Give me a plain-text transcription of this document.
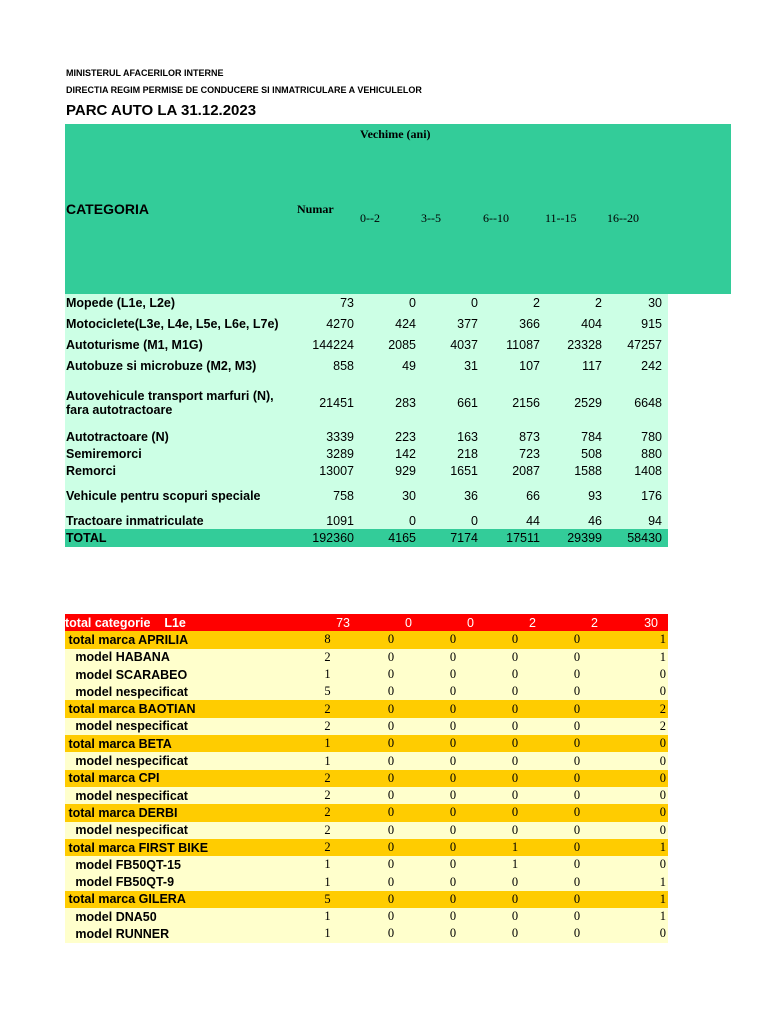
MINISTERUL AFACERILOR INTERNE
DIRECTIA REGIM PERMISE DE CONDUCERE SI INMATRICULARE A VEHICULELOR
PARC AUTO LA 31.12.2023
Vechime (ani)
CATEGORIA	Numar
0--2	3--5	6--10	11--15	16--20
Mopede (L1e, L2e)	73	0	0	2	2	30
Motociclete(L3e, L4e, L5e, L6e, L7e)	4270	424	377	366	404	915
Autoturisme (M1, M1G)	144224	2085	4037	11087	23328	47257
Autobuze si microbuze (M2, M3)	858	49	31	107	117	242
Autovehicule transport marfuri (N), fara autotractoare	21451	283	661	2156	2529	6648
Autotractoare (N)	3339	223	163	873	784	780
Semiremorci	3289	142	218	723	508	880
Remorci	13007	929	1651	2087	1588	1408
Vehicule pentru scopuri speciale	758	30	36	66	93	176
Tractoare inmatriculate	1091	0	0	44	46	94
TOTAL	192360	4165	7174	17511	29399	58430
total categorie    L1e	73	0	0	2	2	30
total marca APRILIA	8	0	0	0	0	1
model HABANA	2	0	0	0	0	1
model SCARABEO	1	0	0	0	0	0
model nespecificat	5	0	0	0	0	0
total marca BAOTIAN	2	0	0	0	0	2
model nespecificat	2	0	0	0	0	2
total marca BETA	1	0	0	0	0	0
model nespecificat	1	0	0	0	0	0
total marca CPI	2	0	0	0	0	0
model nespecificat	2	0	0	0	0	0
total marca DERBI	2	0	0	0	0	0
model nespecificat	2	0	0	0	0	0
total marca FIRST BIKE	2	0	0	1	0	1
model FB50QT-15	1	0	0	1	0	0
model FB50QT-9	1	0	0	0	0	1
total marca GILERA	5	0	0	0	0	1
model DNA50	1	0	0	0	0	1
model RUNNER	1	0	0	0	0	0
